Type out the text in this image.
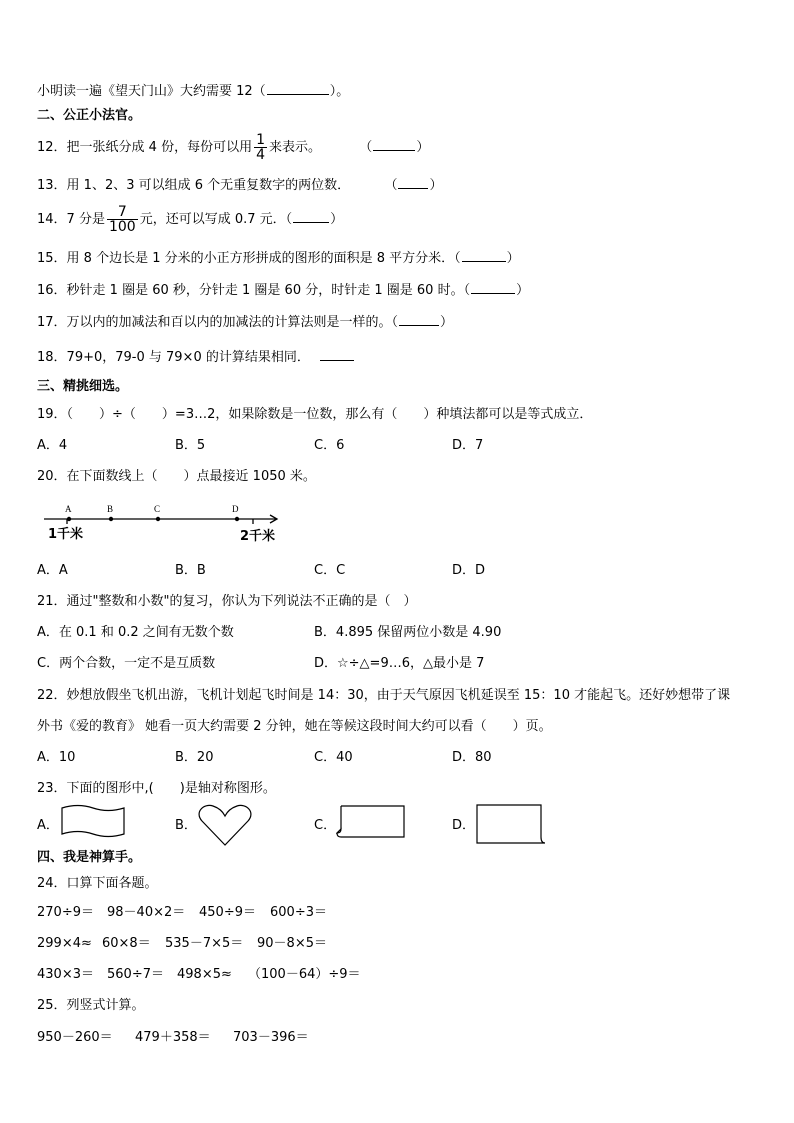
小明读一遍《望天门山》大约需要 12（	）。
二、公正小法官。
12．把一张纸分成 4 份，每份可以用 $\frac{1}{4}$ 来表示。	（	）
13．用 1、2、3 可以组成 6 个无重复数字的两位数．	（ ）
14．7 分是 $\frac{7}{100}$ 元，还可以写成 0.7 元．（	）
15．用 8 个边长是 1 分米的小正方形拼成的图形的面积是 8 平方分米．（	）
16．秒针走 1 圈是 60 秒，分针走 1 圈是 60 分，时针走 1 圈是 60 时。（	）
17．万以内的加减法和百以内的加减法的计算法则是一样的。（	）
18．79+0，79-0 与 79×0 的计算结果相同．
三、精挑细选。
19．（　　）÷（　　）=3…2，如果除数是一位数，那么有（　　）种填法都可以是等式成立．
A．4	B．5	C．6	D．7
20．在下面数线上（　　）点最接近 1050 米。
A	B	C	D
1千米	2千米
A．A	B．B	C．C	D．D
21．通过"整数和小数"的复习，你认为下列说法不正确的是（　）
A．在 0.1 和 0.2 之间有无数个数	B．4.895 保留两位小数是 4.90
C．两个合数，一定不是互质数	D．☆÷△=9…6，△最小是 7
22．妙想放假坐飞机出游，飞机计划起飞时间是 14：30，由于天气原因飞机延误至 15：10 才能起飞。还好妙想带了课
外书《爱的教育》 她看一页大约需要 2 分钟，她在等候这段时间大约可以看（　　）页。
A．10	B．20	C．40	D．80
23．下面的图形中,(　　)是轴对称图形。
A．	B．	C．	D．
四、我是神算手。
24．口算下面各题。
270÷9＝ 98－40×2＝ 450÷9＝ 600÷3＝
299×4≈ 60×8＝ 535－7×5＝ 90－8×5＝
430×3＝ 560÷7＝ 498×5≈ （100－64）÷9＝
25．列竖式计算。
950－260＝ 479＋358＝ 703－396＝
